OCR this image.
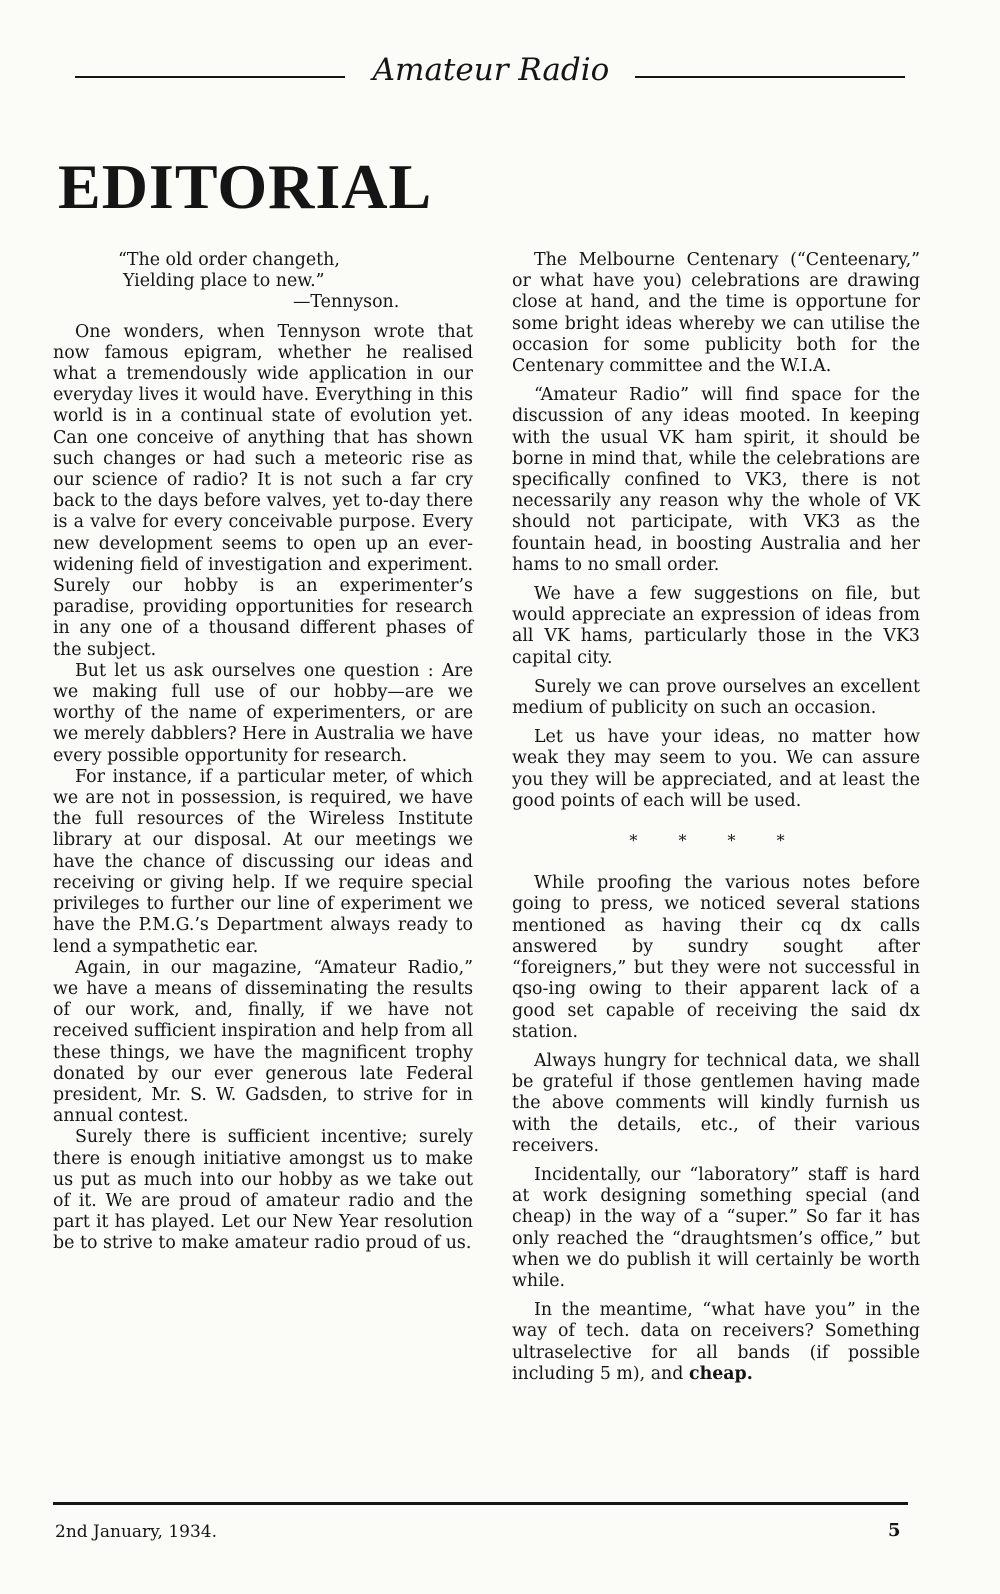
Amateur Radio
EDITORIAL
“The old order changeth,
Yielding place to new.”
—Tennyson.

One wonders, when Tennyson wrote that now famous epigram, whether he realised what a tremendously wide application in our everyday lives it would have. Everything in this world is in a continual state of evolution yet. Can one conceive of anything that has shown such changes or had such a meteoric rise as our science of radio? It is not such a far cry back to the days before valves, yet to-day there is a valve for every conceivable purpose. Every new development seems to open up an ever-widening field of investigation and experiment. Surely our hobby is an experimenter’s paradise, providing opportunities for research in any one of a thousand different phases of the subject.

But let us ask ourselves one question : Are we making full use of our hobby—are we worthy of the name of experimenters, or are we merely dabblers? Here in Australia we have every possible opportunity for research.

For instance, if a particular meter, of which we are not in possession, is required, we have the full resources of the Wireless Institute library at our disposal. At our meetings we have the chance of discussing our ideas and receiving or giving help. If we require special privileges to further our line of experiment we have the P.M.G.’s Department always ready to lend a sympathetic ear.

Again, in our magazine, “Amateur Radio,” we have a means of disseminating the results of our work, and, finally, if we have not received sufficient inspiration and help from all these things, we have the magnificent trophy donated by our ever generous late Federal president, Mr. S. W. Gadsden, to strive for in annual contest.

Surely there is sufficient incentive; surely there is enough initiative amongst us to make us put as much into our hobby as we take out of it. We are proud of amateur radio and the part it has played. Let our New Year resolution be to strive to make amateur radio proud of us.

The Melbourne Centenary (“Centeenary,” or what have you) celebrations are drawing close at hand, and the time is opportune for some bright ideas whereby we can utilise the occasion for some publicity both for the Centenary committee and the W.I.A.

“Amateur Radio” will find space for the discussion of any ideas mooted. In keeping with the usual VK ham spirit, it should be borne in mind that, while the celebrations are specifically confined to VK3, there is not necessarily any reason why the whole of VK should not participate, with VK3 as the fountain head, in boosting Australia and her hams to no small order.

We have a few suggestions on file, but would appreciate an expression of ideas from all VK hams, particularly those in the VK3 capital city.

Surely we can prove ourselves an excellent medium of publicity on such an occasion.

Let us have your ideas, no matter how weak they may seem to you. We can assure you they will be appreciated, and at least the good points of each will be used.

* * * *

While proofing the various notes before going to press, we noticed several stations mentioned as having their cq dx calls answered by sundry sought after “foreigners,” but they were not successful in qso-ing owing to their apparent lack of a good set capable of receiving the said dx station.

Always hungry for technical data, we shall be grateful if those gentlemen having made the above comments will kindly furnish us with the details, etc., of their various receivers.

Incidentally, our “laboratory” staff is hard at work designing something special (and cheap) in the way of a “super.” So far it has only reached the “draughtsmen’s office,” but when we do publish it will certainly be worth while.

In the meantime, “what have you” in the way of tech. data on receivers? Something ultraselective for all bands (if possible including 5 m), and cheap.

2nd January, 1934.	5
